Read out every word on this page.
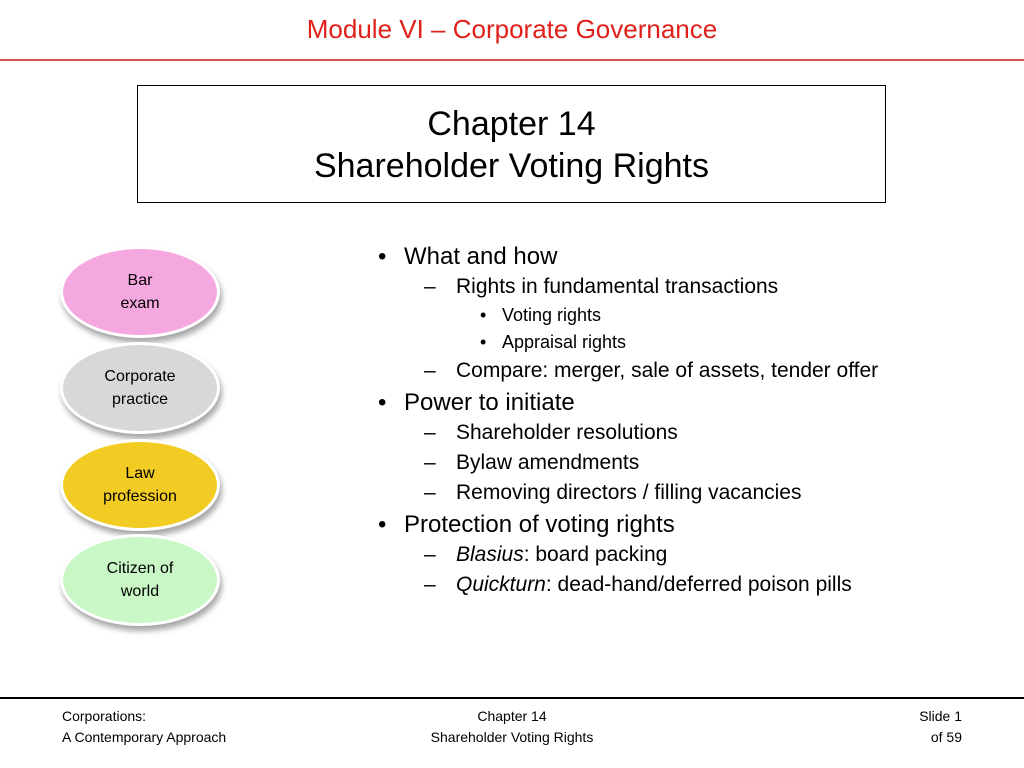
Module VI – Corporate Governance
Chapter 14
Shareholder Voting Rights
Bar
exam
Corporate
practice
Law
profession
Citizen of
world
• What and how
– Rights in fundamental transactions
• Voting rights
• Appraisal rights
– Compare: merger, sale of assets, tender offer
• Power to initiate
– Shareholder resolutions
– Bylaw amendments
– Removing directors / filling vacancies
• Protection of voting rights
– Blasius: board packing
– Quickturn: dead-hand/deferred poison pills
Corporations:
A Contemporary Approach
Chapter 14
Shareholder Voting Rights
Slide 1
of 59
